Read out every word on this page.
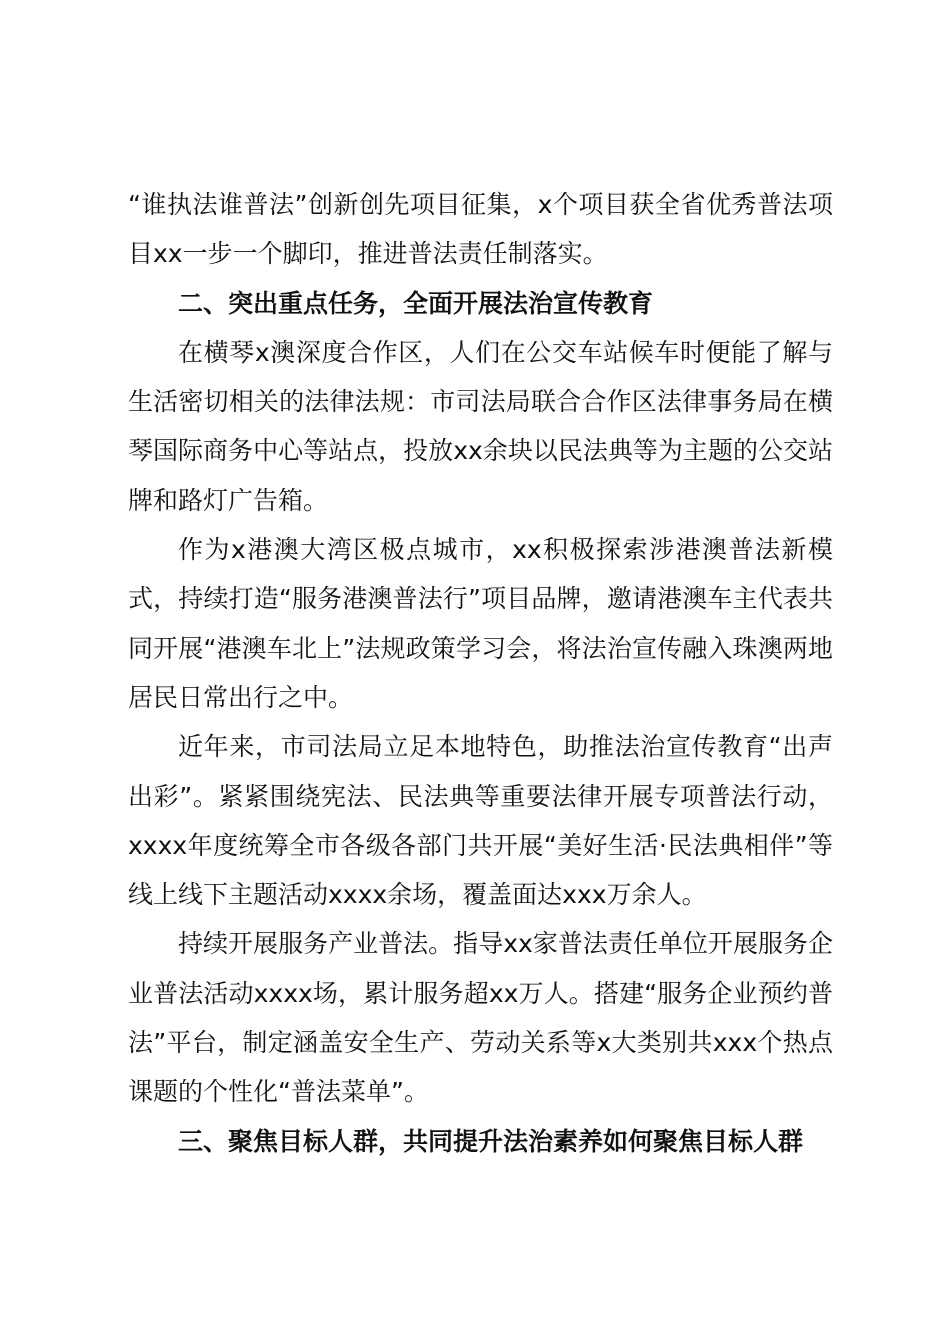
“谁执法谁普法”创新创先项目征集，x个项目获全省优秀普法项目xx一步一个脚印，推进普法责任制落实。

二、突出重点任务，全面开展法治宣传教育

在横琴x澳深度合作区，人们在公交车站候车时便能了解与生活密切相关的法律法规：市司法局联合合作区法律事务局在横琴国际商务中心等站点，投放xx余块以民法典等为主题的公交站牌和路灯广告箱。

作为x港澳大湾区极点城市，xx积极探索涉港澳普法新模式，持续打造“服务港澳普法行”项目品牌，邀请港澳车主代表共同开展“港澳车北上”法规政策学习会，将法治宣传融入珠澳两地居民日常出行之中。

近年来，市司法局立足本地特色，助推法治宣传教育“出声出彩”。紧紧围绕宪法、民法典等重要法律开展专项普法行动，xxxx年度统筹全市各级各部门共开展“美好生活·民法典相伴”等线上线下主题活动xxxx余场，覆盖面达xxx万余人。

持续开展服务产业普法。指导xx家普法责任单位开展服务企业普法活动xxxx场，累计服务超xx万人。搭建“服务企业预约普法”平台，制定涵盖安全生产、劳动关系等x大类别共xxx个热点课题的个性化“普法菜单”。

三、聚焦目标人群，共同提升法治素养如何聚焦目标人群
